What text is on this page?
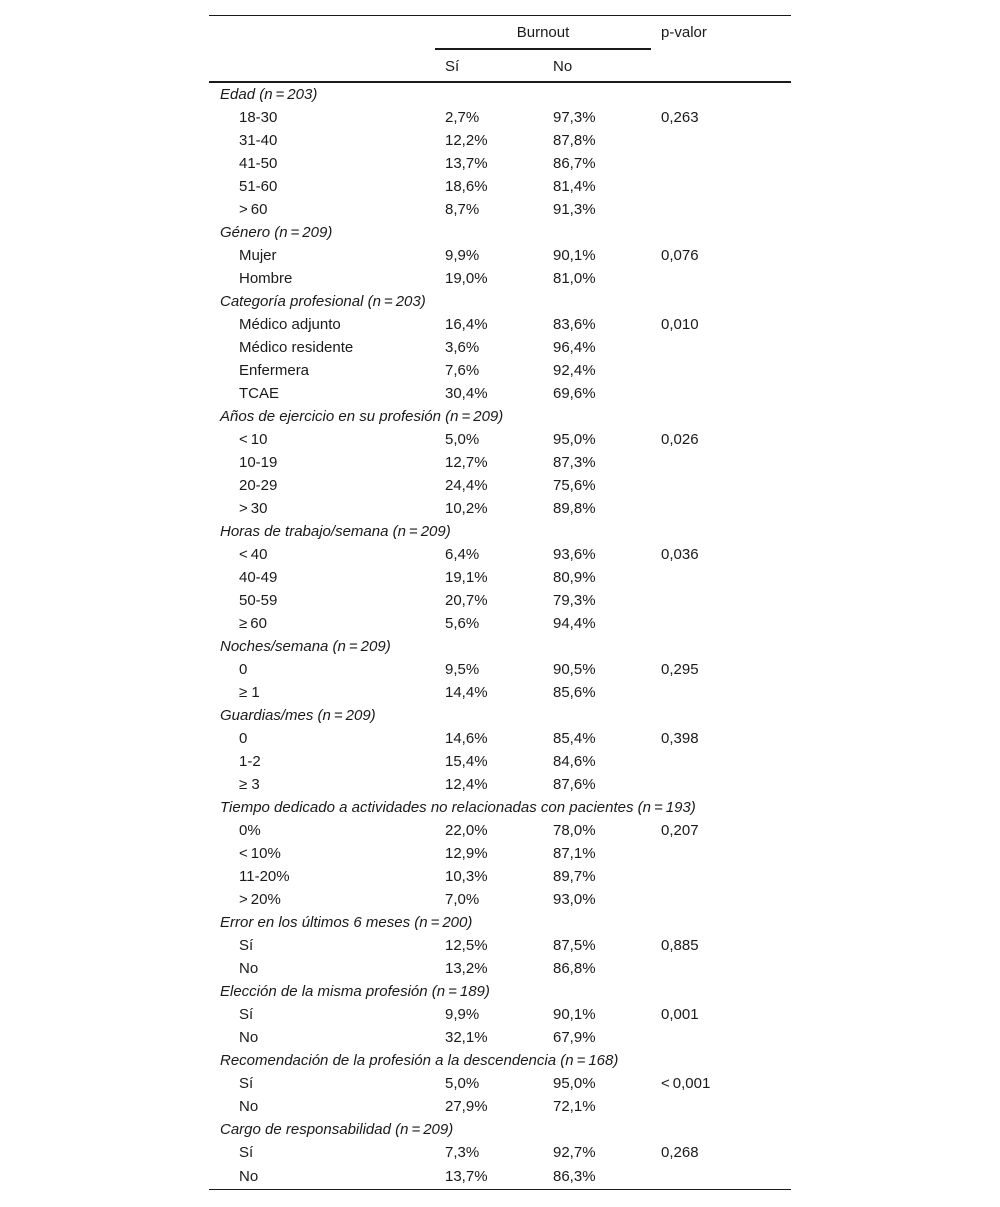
	Burnout		p-valor
	Sí	No	
Edad (n = 203)			
18-30	2,7%	97,3%	0,263
31-40	12,2%	87,8%	
41-50	13,7%	86,7%	
51-60	18,6%	81,4%	
> 60	8,7%	91,3%	
Género (n = 209)			
Mujer	9,9%	90,1%	0,076
Hombre	19,0%	81,0%	
Categoría profesional (n = 203)			
Médico adjunto	16,4%	83,6%	0,010
Médico residente	3,6%	96,4%	
Enfermera	7,6%	92,4%	
TCAE	30,4%	69,6%	
Años de ejercicio en su profesión (n = 209)			
< 10	5,0%	95,0%	0,026
10-19	12,7%	87,3%	
20-29	24,4%	75,6%	
> 30	10,2%	89,8%	
Horas de trabajo/semana (n = 209)			
< 40	6,4%	93,6%	0,036
40-49	19,1%	80,9%	
50-59	20,7%	79,3%	
≥ 60	5,6%	94,4%	
Noches/semana (n = 209)			
0	9,5%	90,5%	0,295
≥ 1	14,4%	85,6%	
Guardias/mes (n = 209)			
0	14,6%	85,4%	0,398
1-2	15,4%	84,6%	
≥ 3	12,4%	87,6%	
Tiempo dedicado a actividades no relacionadas con pacientes (n = 193)			
0%	22,0%	78,0%	0,207
< 10%	12,9%	87,1%	
11-20%	10,3%	89,7%	
> 20%	7,0%	93,0%	
Error en los últimos 6 meses (n = 200)			
Sí	12,5%	87,5%	0,885
No	13,2%	86,8%	
Elección de la misma profesión (n = 189)			
Sí	9,9%	90,1%	0,001
No	32,1%	67,9%	
Recomendación de la profesión a la descendencia (n = 168)			
Sí	5,0%	95,0%	< 0,001
No	27,9%	72,1%	
Cargo de responsabilidad (n = 209)			
Sí	7,3%	92,7%	0,268
No	13,7%	86,3%	
